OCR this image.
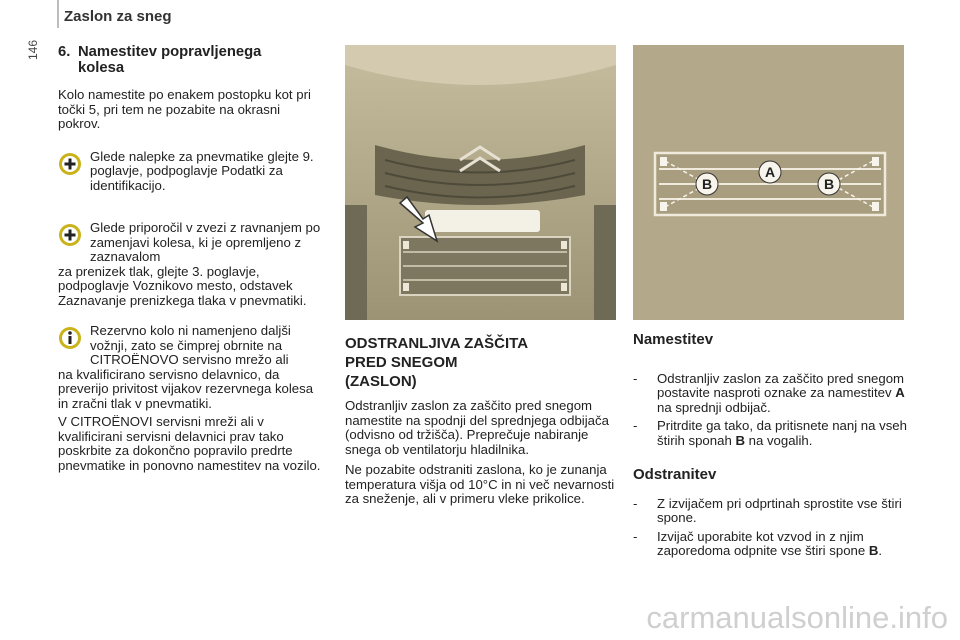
Zaslon za sneg
146 6. Namestitev popravljenega
kolesa

Kolo namestite po enakem postopku kot pri točki 5, pri tem ne pozabite na okrasni pokrov.

Glede nalepke za pnevmatike glejte 9. poglavje, podpoglavje Podatki za identifikacijo.
Glede priporočil v zvezi z ravnanjem po zamenjavi kolesa, ki je opremljeno z zaznavalom
za prenizek tlak, glejte 3. poglavje, podpoglavje Voznikovo mesto, odstavek Zaznavanje prenizkega tlaka v pnevmatiki.
Rezervno kolo ni namenjeno daljši vožnji, zato se čimprej obrnite na CITROËNOVO servisno mrežo ali
na kvalificirano servisno delavnico, da preverijo privitost vijakov rezervnega kolesa in zračni tlak v pnevmatiki.

V CITROËNOVI servisni mreži ali v kvalificirani servisni delavnici prav tako poskrbite za dokončno popravilo predrte pnevmatike in ponovno namestitev na vozilo.

B
A
B
ODSTRANLJIVA ZAŠČITA
PRED SNEGOM
(ZASLON)

Odstranljiv zaslon za zaščito pred snegom namestite na spodnji del sprednjega odbijača (odvisno od tržišča). Preprečuje nabiranje snega ob ventilatorju hladilnika.

Ne pozabite odstraniti zaslona, ko je zunanja temperatura višja od 10°C in ni več nevarnosti za sneženje, ali v primeru vleke prikolice.

Namestitev
- Odstranljiv zaslon za zaščito pred snegom postavite nasproti oznake za namestitev A na sprednji odbijač.
- Pritrdite ga tako, da pritisnete nanj na vseh štirih sponah B na vogalih.
Odstranitev
- Z izvijačem pri odprtinah sprostite vse štiri spone.
- Izvijač uporabite kot vzvod in z njim zaporedoma odpnite vse štiri spone B.
carmanualsonline.info
